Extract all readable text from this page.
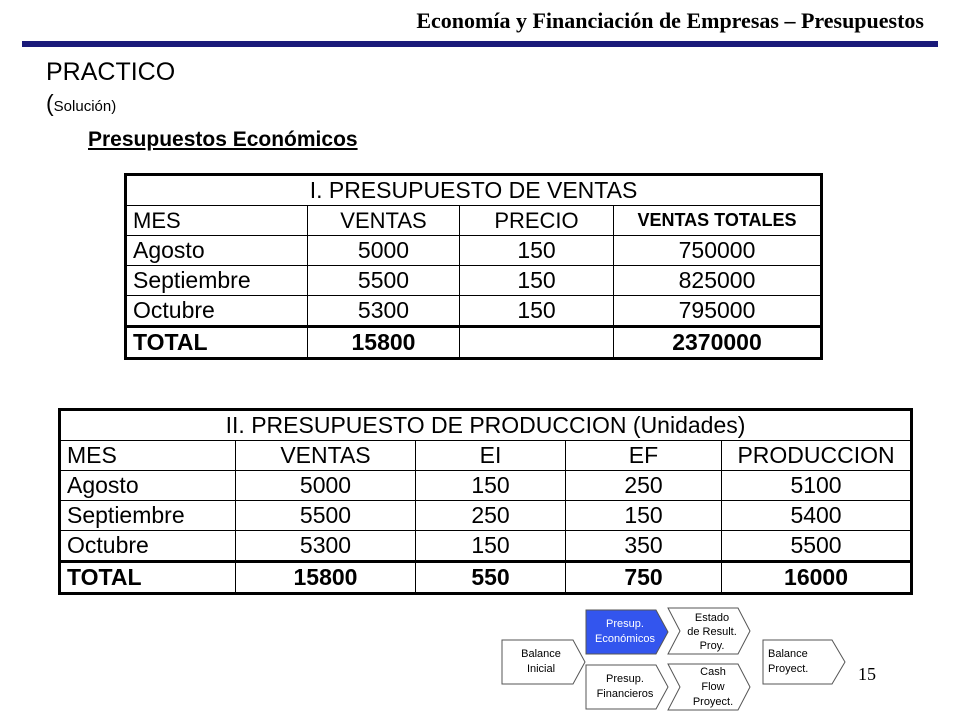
Economía y Financiación de Empresas – Presupuestos
PRACTICO
(Solución)
Presupuestos Económicos
I. PRESUPUESTO DE VENTAS			
MES	VENTAS	PRECIO	VENTAS TOTALES
Agosto	5000	150	750000
Septiembre	5500	150	825000
Octubre	5300	150	795000
TOTAL	15800		2370000
II. PRESUPUESTO DE PRODUCCION (Unidades)				
MES	VENTAS	EI	EF	PRODUCCION
Agosto	5000	150	250	5100
Septiembre	5500	250	150	5400
Octubre	5300	150	350	5500
TOTAL	15800	550	750	16000
Balance
Inicial
Presup.
Económicos
Presup.
Financieros
Estado
de Result.
Proy.
Cash
Flow
Proyect.
Balance
Proyect.	15
